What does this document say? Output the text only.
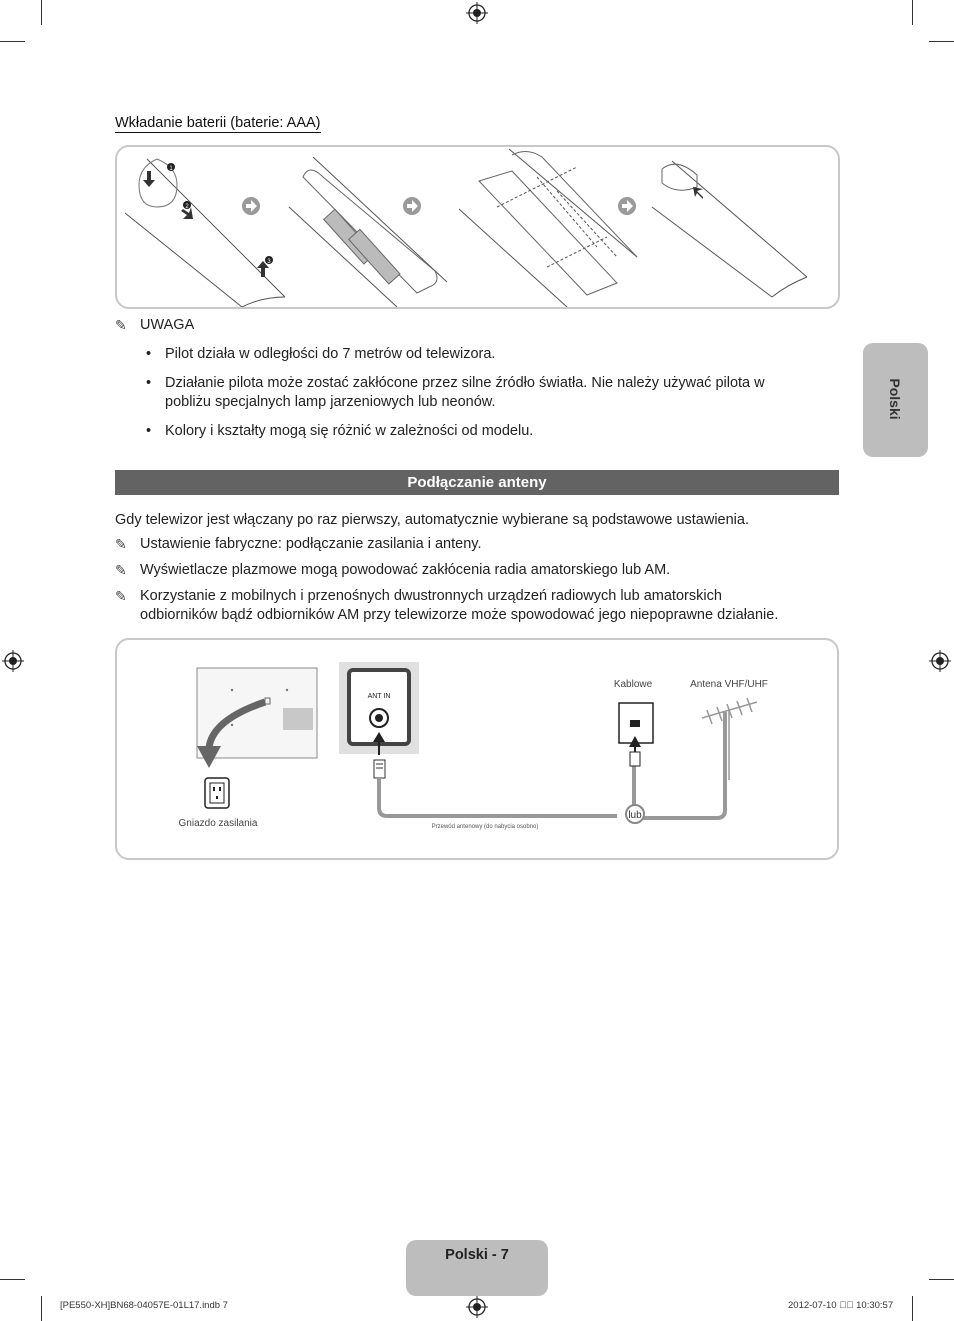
Polski
Wkładanie baterii (baterie: AAA)
1
2
3
✎ UWAGA
• Pilot działa w odległości do 7 metrów od telewizora.
• Działanie pilota może zostać zakłócone przez silne źródło światła. Nie należy używać pilota w
pobliżu specjalnych lamp jarzeniowych lub neonów.
• Kolory i kształty mogą się różnić w zależności od modelu.
Podłączanie anteny
Gdy telewizor jest włączany po raz pierwszy, automatycznie wybierane są podstawowe ustawienia.
✎ Ustawienie fabryczne: podłączanie zasilania i anteny.
✎ Wyświetlacze plazmowe mogą powodować zakłócenia radia amatorskiego lub AM.
✎ Korzystanie z mobilnych i przenośnych dwustronnych urządzeń radiowych lub amatorskich
odbiorników bądź odbiorników AM przy telewizorze może spowodować jego niepoprawne działanie.
Gniazdo zasilania
ANT IN
lub
Przewód antenowy (do nabycia osobno)
Kablowe	Antena VHF/UHF
Polski - 7
[PE550-XH]BN68-04057E-01L17.indb 7	2012-07-10 ￿￿ 10:30:57
